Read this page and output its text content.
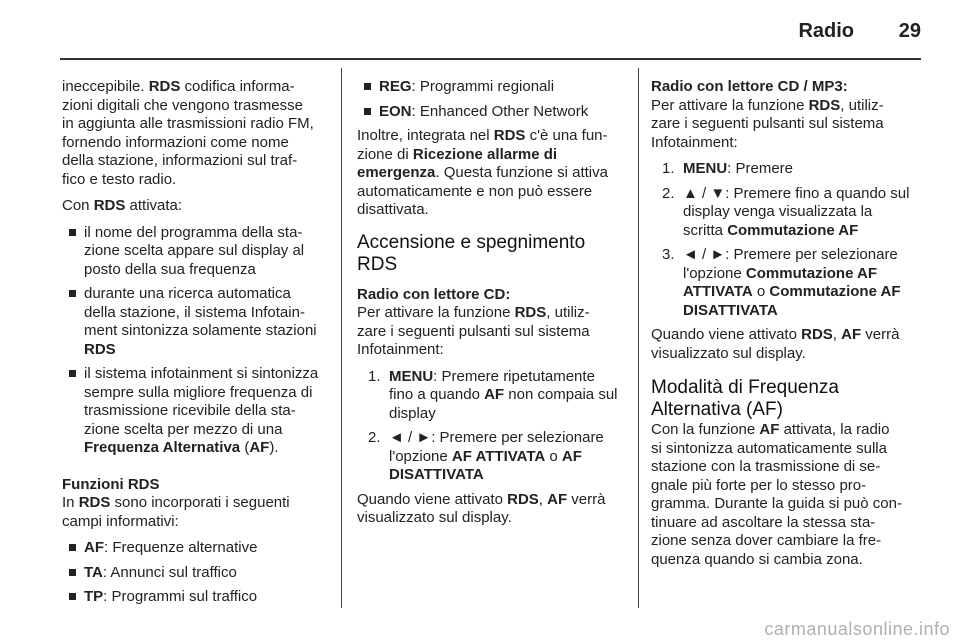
Radio 29

ineccepibile. RDS codifica informa-
zioni digitali che vengono trasmesse
in aggiunta alle trasmissioni radio FM,
fornendo informazioni come nome
della stazione, informazioni sul traf-
fico e testo radio.

Con RDS attivata:

il nome del programma della sta-
zione scelta appare sul display al
posto della sua frequenza
durante una ricerca automatica
della stazione, il sistema Infotain-
ment sintonizza solamente stazioni
RDS
il sistema infotainment si sintonizza
sempre sulla migliore frequenza di
trasmissione ricevibile della sta-
zione scelta per mezzo di una
Frequenza Alternativa (AF).
Funzioni RDS

In RDS sono incorporati i seguenti
campi informativi:

AF: Frequenze alternative
TA: Annunci sul traffico
TP: Programmi sul traffico
REG: Programmi regionali
EON: Enhanced Other Network

Inoltre, integrata nel RDS c'è una fun-
zione di Ricezione allarme di
emergenza. Questa funzione si attiva
automaticamente e non può essere
disattivata.

Accensione e spegnimento
RDS
Radio con lettore CD:

Per attivare la funzione RDS, utiliz-
zare i seguenti pulsanti sul sistema
Infotainment:

1. MENU: Premere ripetutamente
fino a quando AF non compaia sul
display
2. ◄ / ►: Premere per selezionare
l'opzione AF ATTIVATA o AF
DISATTIVATA

Quando viene attivato RDS, AF verrà
visualizzato sul display.

Radio con lettore CD / MP3:

Per attivare la funzione RDS, utiliz-
zare i seguenti pulsanti sul sistema
Infotainment:

1. MENU: Premere
2. ▲ / ▼: Premere fino a quando sul
display venga visualizzata la
scritta Commutazione AF
3. ◄ / ►: Premere per selezionare
l'opzione Commutazione AF
ATTIVATA o Commutazione AF
DISATTIVATA

Quando viene attivato RDS, AF verrà
visualizzato sul display.

Modalità di Frequenza
Alternativa (AF)

Con la funzione AF attivata, la radio
si sintonizza automaticamente sulla
stazione con la trasmissione di se-
gnale più forte per lo stesso pro-
gramma. Durante la guida si può con-
tinuare ad ascoltare la stessa sta-
zione senza dover cambiare la fre-
quenza quando si cambia zona.

carmanualsonline.info
